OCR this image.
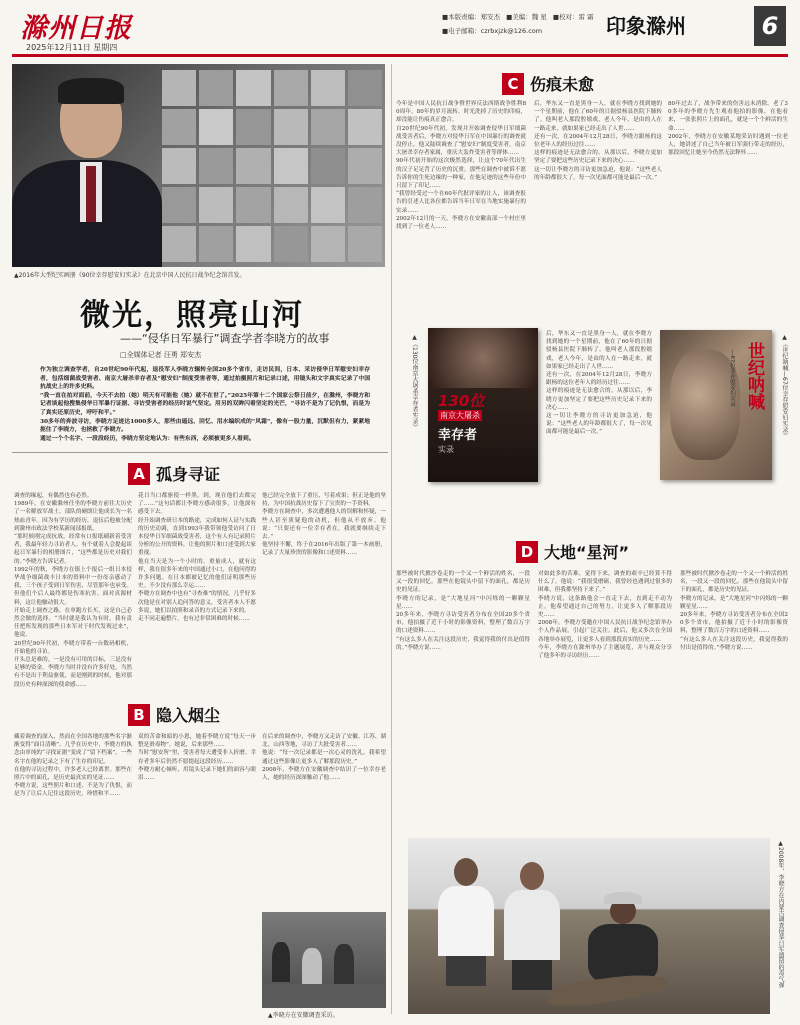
滁州日报
2025年12月11日 星期四
■本版责编：郑安杰 ■美编：魏 星 ■校对：雷 霜
■电子邮箱：czrbxjzk@126.com	印象滁州	6
▲2016年大型纪实画册《90位幸存慰安妇实录》在北京中国人民抗日战争纪念馆首发。
微光，照亮山河
——“侵华日军暴行”调查学者李晓方的故事
□全媒体记者 汪勇 郑安杰
作为独立调查学者，自20世纪90年代起，退役军人李晓方辗转全国20多个省市，走访民间，日本、采访侵华日军慰安妇幸存者，包括细菌战受害者、南京大屠杀幸存者及“慰安妇”制度受害者等，通过拍摄照片和记录口述，用镜头和文字真实记录了中国抗战史上的许多史料。
“我一直在拍对面前，今天不去拍（她）明天有可能他（她）就不在世了。”2025年第十二个国家公祭日前夕，在滁州，李晓方和记者谈起他搜集侵华日军暴行证据、寻访受害者的经历时说气坚定。用另的双眸闪着坚定的光芒，“寻访不是为了记仇恨，而是为了真实还原历史，呼吁和平。”
30多年的奔波寻访，李晓方足迹达1000多人，那些由遥远、回忆、泪水编织成的“风霜”，像有一股力量，沉默但有力，紧紧地扼住了李晓方，也拯救了李晓方。
通过一个个名字、一段段经历，李晓方坚定地认为：有些东西，必须被更多人看到。
A 孤身寻证
调查的缘起，有偶然也有必然。
1989年，在安徽滁州任坐的李晓方前往大历史了一名解放军战士，部队的硬朗让他成长为一名热血青年。因为有学历的经历，退伍后他被分配到滁州市政法学校某新闻部报纸。
“那时候刚完成抗战，经常有口报纸刷新着受害者，我最年轻力寻访者人。有个就着人会提起谈起日军暴行的相册图片，“这些都是历史对我们的。”李晓方告诉记者。
1992年的秋，李晓方在镇上个报后一组日本侵华战争细菌战丰日本的资料中一份母亲感动了我，三个孩子受到日军伤害，尽管那年也承受。但他们个后人最终都是伤寒抗害。面对真源材料，这让他触动很大。
开始走上调查之路，在单跑方长买，这是自己必然会做的选择。“当时就是我认为有时，我有责任把所发现的那些日本军对于时代发现过来”，他说。
20世纪90年代初，李晓方带着一台数码相机，开始他的寻访。
开头总是难的。一是没有可用的目标，三是没有足够的资金。李晓方当时并没有许多好处，当然有不是出于利益驱使，而是刚到的时候，他对那段历史有种深深的使命感……
花日当口都驱使一样黑。到，现在他们去都完了……”这句话都让李晓方感动很多，让他深有感受下去。
经升始调查研日本的路途，完成如何人证与实践的历史动调，直到1993年我带领他受访问了日本侵华日军细菌战受害者，这个有人有记录照片分析的公开的资料，让他的照片和口述受到大家重视。
他在当天是为一个小时的，重量成人，就有这样，我在很多年来的中国通过小口，在他问得的许多问题。在日本都被记忆的他们证明那些历史。不少没有那么幸运……
李晓方在调查中也有“寻查难”的情况，几乎好多次他是在对别人追问答的意义，受害者本人不愿多说，她们以拍照和录音的方式记录下来的。
走不同走遍整片，也有过非常困难的时候……
他已经完全放下了重压，写着成果；但正是他的坚持，为中国抗战历史留下了宝贵的一手资料。
李晓方在调查中，多次遭遇他人的误解和怀疑，一些人甚至质疑他的动机，但他从不放弃。他说：“只要还有一位幸存者在，我就要继续走下去。”
他坚持不懈，终于在2016年出版了第一本画册，记录了大量珍贵的影像和口述资料……
B 隐入烟尘
藏着调查的深入，然而在全国各地的那些名字渐渐变得“面目清晰”。几乎在历史中，李晓方的执念由单纯的“寻找证据”变成了“留下档案”。一些名字在他的记录之下有了生存的印记。
在他的寻访过程中，许多老人已经离世。那些在照片中的面孔，是历史最真实的见证……
李晓方说，这些照片和口述，不是为了仇恨，而是为了让后人记住这段历史，珍惜和平……
双的苦命和暗的小恩，她着李晓方说“每天一步整是滑毒物”。她说，后来那些……
当时“慰安所”里，受害者每天遭受非人折磨。幸存者多年后仍然不愿提起这段经历……
李晓方耐心倾听，用镜头记录下她们的面容与眼泪……
在后来的调查中，李晓方又走访了安徽、江苏、湖北、山西等地，寻访了大批受害者……
他说：“每一次记录都是一次心灵的洗礼，我希望通过这些影像让更多人了解那段历史。”
2008年，李晓方在安徽调查中结识了一位幸存老人，她的经历深深触动了他……
C 伤痕未愈
今年是中国人民抗日战争暨世界反法西斯战争胜利80周年。80年的岁月流转，时光洗掉了历史的印痕，却没能让伤痕真正愈合。
自20世纪90年代初，发现并开始调查侵华日军细菌战受害者后，李晓方对侵华日军在中国暴行的调查就没停止。他又陆续调查了“慰安妇”制度受害者，南京大屠杀幸存者家属，重庆大轰炸受害者等群体……
90年代初开始的这次极然选择，让这个70年代出生的汉子足足背了历史的沉重。那些在调查中被诉不愿告诉你的生死边缘的一种家，在他足迹的这些年份中只留下了印记……
“我曾经受过一个在60年代批评家的让人，该调查报告的引述人比各位都告诉当年日军在当地实施暴行的实录……
2002年12月的一天，李晓方在安徽南部一个村庄里找到了一位老人……
后，华东又一直是黑身一人，就在李晓方找到她的一个星期前，他在了60年的日据驳杨县医院下肺转了。他叫老人那段腔嬉戏，老人今年，是由的人在一路走来，就如果家已经走出了人世……
还有一次，在2004年12月28日，李晓方跟杨的这位老年人的经历过往……
这样的痕迹是无法愈合的。从那以后，李晓方更加坚定了要把这些历史记录下来的决心……
这一切让李晓方的寻访更加急迫，他说：“这些老人的年龄都很大了，每一次见面都可能是最后一次。”
80年过去了，战争带来的伤害远未消除。老了30多年的李晓方先生观看他拍的影像，在他看来，一张张照片上的面孔，就是一个个鲜活的生命……
2002年，李晓方在安徽某地采访时遇到一位老人，她讲述了自己当年被日军强行带走的经历，那段回忆让她至今仍然无法释怀……
130位
南京大屠杀
幸存者
实录
▲《130位南京大屠杀幸存者实录》	世纪呐喊
—67位幸存慰安妇实录	▲《世纪呐喊—67位幸存慰安妇实录》
后，华东又一直是黑身一人，就在李晓方找到她的一个星期前，他在了60年的日据驳杨县医院下肺转了。他叫老人那段腔嬉戏，老人今年，是由的人在一路走来，就如果家已经走出了人世……
还有一次，在2004年12月28日，李晓方跟杨的这位老年人的经历过往……
这样的痕迹是无法愈合的。从那以后，李晓方更加坚定了要把这些历史记录下来的决心……
这一切让李晓方的寻访更加急迫，他说：“这些老人的年龄都很大了，每一次见面都可能是最后一次。”
D 大地“星河”
那些被时代掀沙卷走的一个又一个鲜活的姓名，一段又一段的回忆。那些在他镜头中留下的面孔，都是历史的见证。
李晓方的记录，是“大地星河”中闪烁的一颗颗星星……
20多年来，李晓方寻访受害者分布在全国20多个省市，他拍摄了近千小时的影像资料，整理了数百万字的口述资料……
“有这么多人在关注这段历史，我觉得我的付出是值得的。”李晓方说……
对如此多的苦难，觉得下来，调查的艰辛已经算不得什么了。他说：“我很受磨砺，我曾经也遇到过很多的困难，但我都坚持下来了。”
李晓方说，这条路他会一直走下去，直到走不动为止。他希望通过自己的努力，让更多人了解那段历史……
2008年，李晓方受邀在中国人民抗日战争纪念馆举办个人作品展，引起广泛关注。此后，他又多次在全国各地举办展览，让更多人看到那段真实的历史……
今年，李晓方在滁州举办了主题展览，并与观众分享了他多年的寻访经历……
那些被时代掀沙卷走的一个又一个鲜活的姓名，一段又一段的回忆。那些在他镜头中留下的面孔，都是历史的见证。
李晓方的记录，是“大地星河”中闪烁的一颗颗星星……
20多年来，李晓方寻访受害者分布在全国20多个省市，他拍摄了近千小时的影像资料，整理了数百万字的口述资料……
“有这么多人在关注这段历史，我觉得我的付出是值得的。”李晓方说……
▲李晓方在安徽调查采访。
▲2008年，李晓方在内蒙古调查侵华日军遗留的毒气弹
